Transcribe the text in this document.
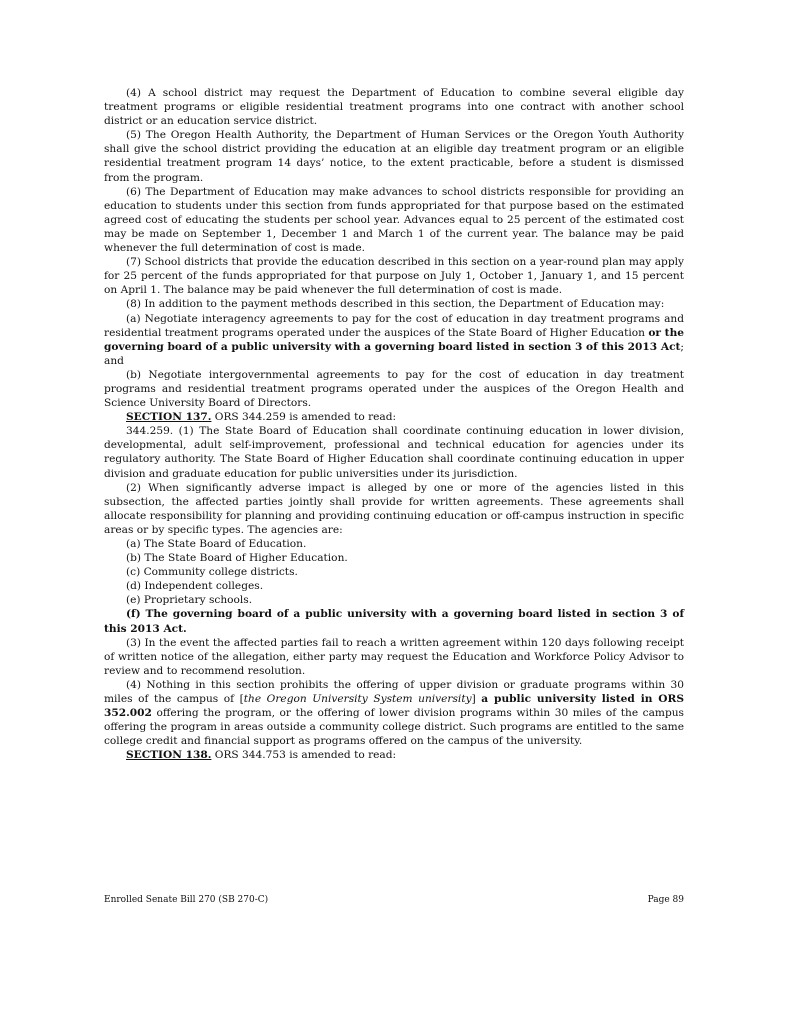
(4) A school district may request the Department of Education to combine several eligible day treatment programs or eligible residential treatment programs into one contract with another school district or an education service district.

(5) The Oregon Health Authority, the Department of Human Services or the Oregon Youth Authority shall give the school district providing the education at an eligible day treatment program or an eligible residential treatment program 14 days’ notice, to the extent practicable, before a student is dismissed from the program.

(6) The Department of Education may make advances to school districts responsible for providing an education to students under this section from funds appropriated for that purpose based on the estimated agreed cost of educating the students per school year. Advances equal to 25 percent of the estimated cost may be made on September 1, December 1 and March 1 of the current year. The balance may be paid whenever the full determination of cost is made.

(7) School districts that provide the education described in this section on a year-round plan may apply for 25 percent of the funds appropriated for that purpose on July 1, October 1, January 1, and 15 percent on April 1. The balance may be paid whenever the full determination of cost is made.

(8) In addition to the payment methods described in this section, the Department of Education may:

(a) Negotiate interagency agreements to pay for the cost of education in day treatment programs and residential treatment programs operated under the auspices of the State Board of Higher Education or the governing board of a public university with a governing board listed in section 3 of this 2013 Act; and

(b) Negotiate intergovernmental agreements to pay for the cost of education in day treatment programs and residential treatment programs operated under the auspices of the Oregon Health and Science University Board of Directors.

SECTION 137. ORS 344.259 is amended to read:

344.259. (1) The State Board of Education shall coordinate continuing education in lower division, developmental, adult self-improvement, professional and technical education for agencies under its regulatory authority. The State Board of Higher Education shall coordinate continuing education in upper division and graduate education for public universities under its jurisdiction.

(2) When significantly adverse impact is alleged by one or more of the agencies listed in this subsection, the affected parties jointly shall provide for written agreements. These agreements shall allocate responsibility for planning and providing continuing education or off-campus instruction in specific areas or by specific types. The agencies are:

(a) The State Board of Education.

(b) The State Board of Higher Education.

(c) Community college districts.

(d) Independent colleges.

(e) Proprietary schools.

(f) The governing board of a public university with a governing board listed in section 3 of this 2013 Act.

(3) In the event the affected parties fail to reach a written agreement within 120 days following receipt of written notice of the allegation, either party may request the Education and Workforce Policy Advisor to review and to recommend resolution.

(4) Nothing in this section prohibits the offering of upper division or graduate programs within 30 miles of the campus of [the Oregon University System university] a public university listed in ORS 352.002 offering the program, or the offering of lower division programs within 30 miles of the campus offering the program in areas outside a community college district. Such programs are entitled to the same college credit and financial support as programs offered on the campus of the university.

SECTION 138. ORS 344.753 is amended to read:

Enrolled Senate Bill 270 (SB 270-C)	Page 89
